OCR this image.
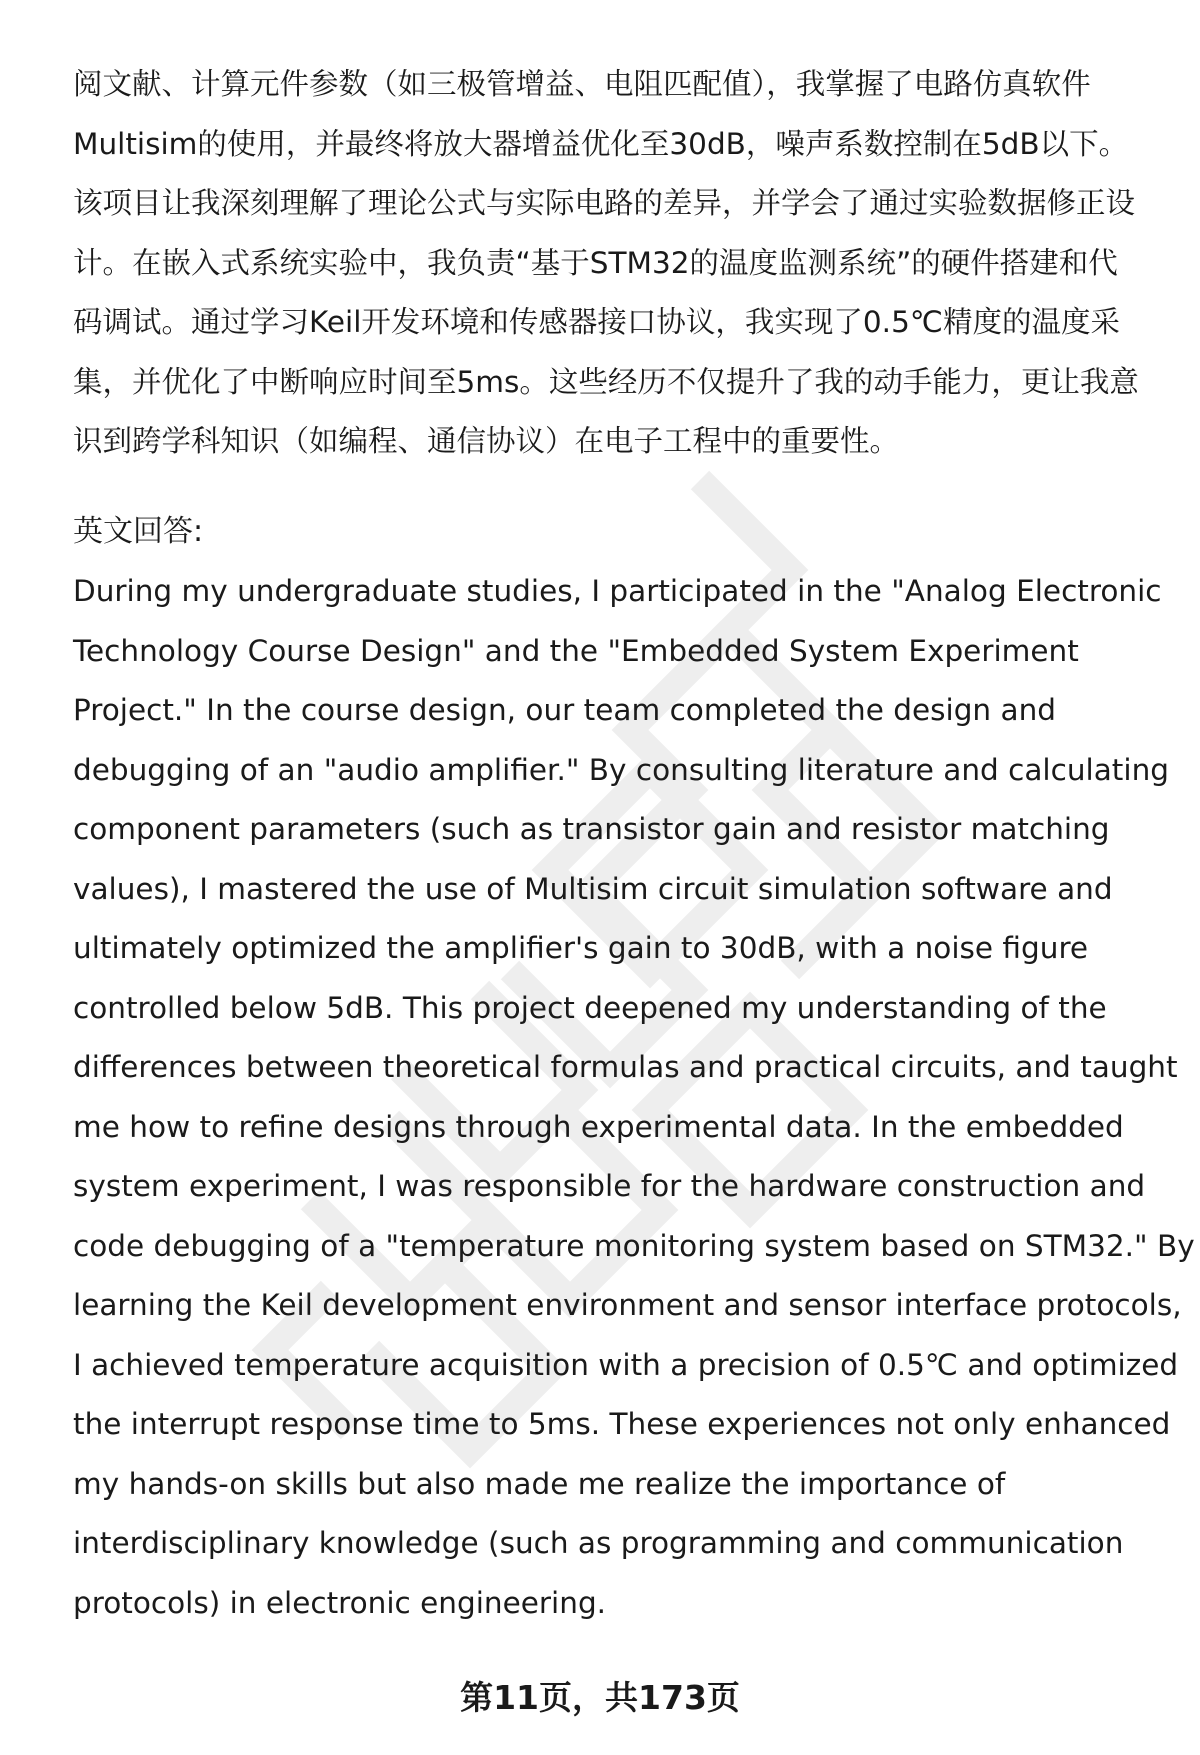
阅文献、计算元件参数（如三极管增益、电阻匹配值），我掌握了电路仿真软件
Multisim的使用，并最终将放大器增益优化至30dB，噪声系数控制在5dB以下。
该项目让我深刻理解了理论公式与实际电路的差异，并学会了通过实验数据修正设
计。在嵌入式系统实验中，我负责“基于STM32的温度监测系统”的硬件搭建和代
码调试。通过学习Keil开发环境和传感器接口协议，我实现了0.5℃精度的温度采
集，并优化了中断响应时间至5ms。这些经历不仅提升了我的动手能力，更让我意
识到跨学科知识（如编程、通信协议）在电子工程中的重要性。
英文回答:
During my undergraduate studies, I participated in the "Analog Electronic
Technology Course Design" and the "Embedded System Experiment
Project." In the course design, our team completed the design and
debugging of an "audio amplifier." By consulting literature and calculating
component parameters (such as transistor gain and resistor matching
values), I mastered the use of Multisim circuit simulation software and
ultimately optimized the amplifier's gain to 30dB, with a noise figure
controlled below 5dB. This project deepened my understanding of the
differences between theoretical formulas and practical circuits, and taught
me how to refine designs through experimental data. In the embedded
system experiment, I was responsible for the hardware construction and
code debugging of a "temperature monitoring system based on STM32." By
learning the Keil development environment and sensor interface protocols,
I achieved temperature acquisition with a precision of 0.5℃ and optimized
the interrupt response time to 5ms. These experiences not only enhanced
my hands-on skills but also made me realize the importance of
interdisciplinary knowledge (such as programming and communication
protocols) in electronic engineering.
第11页，共173页
